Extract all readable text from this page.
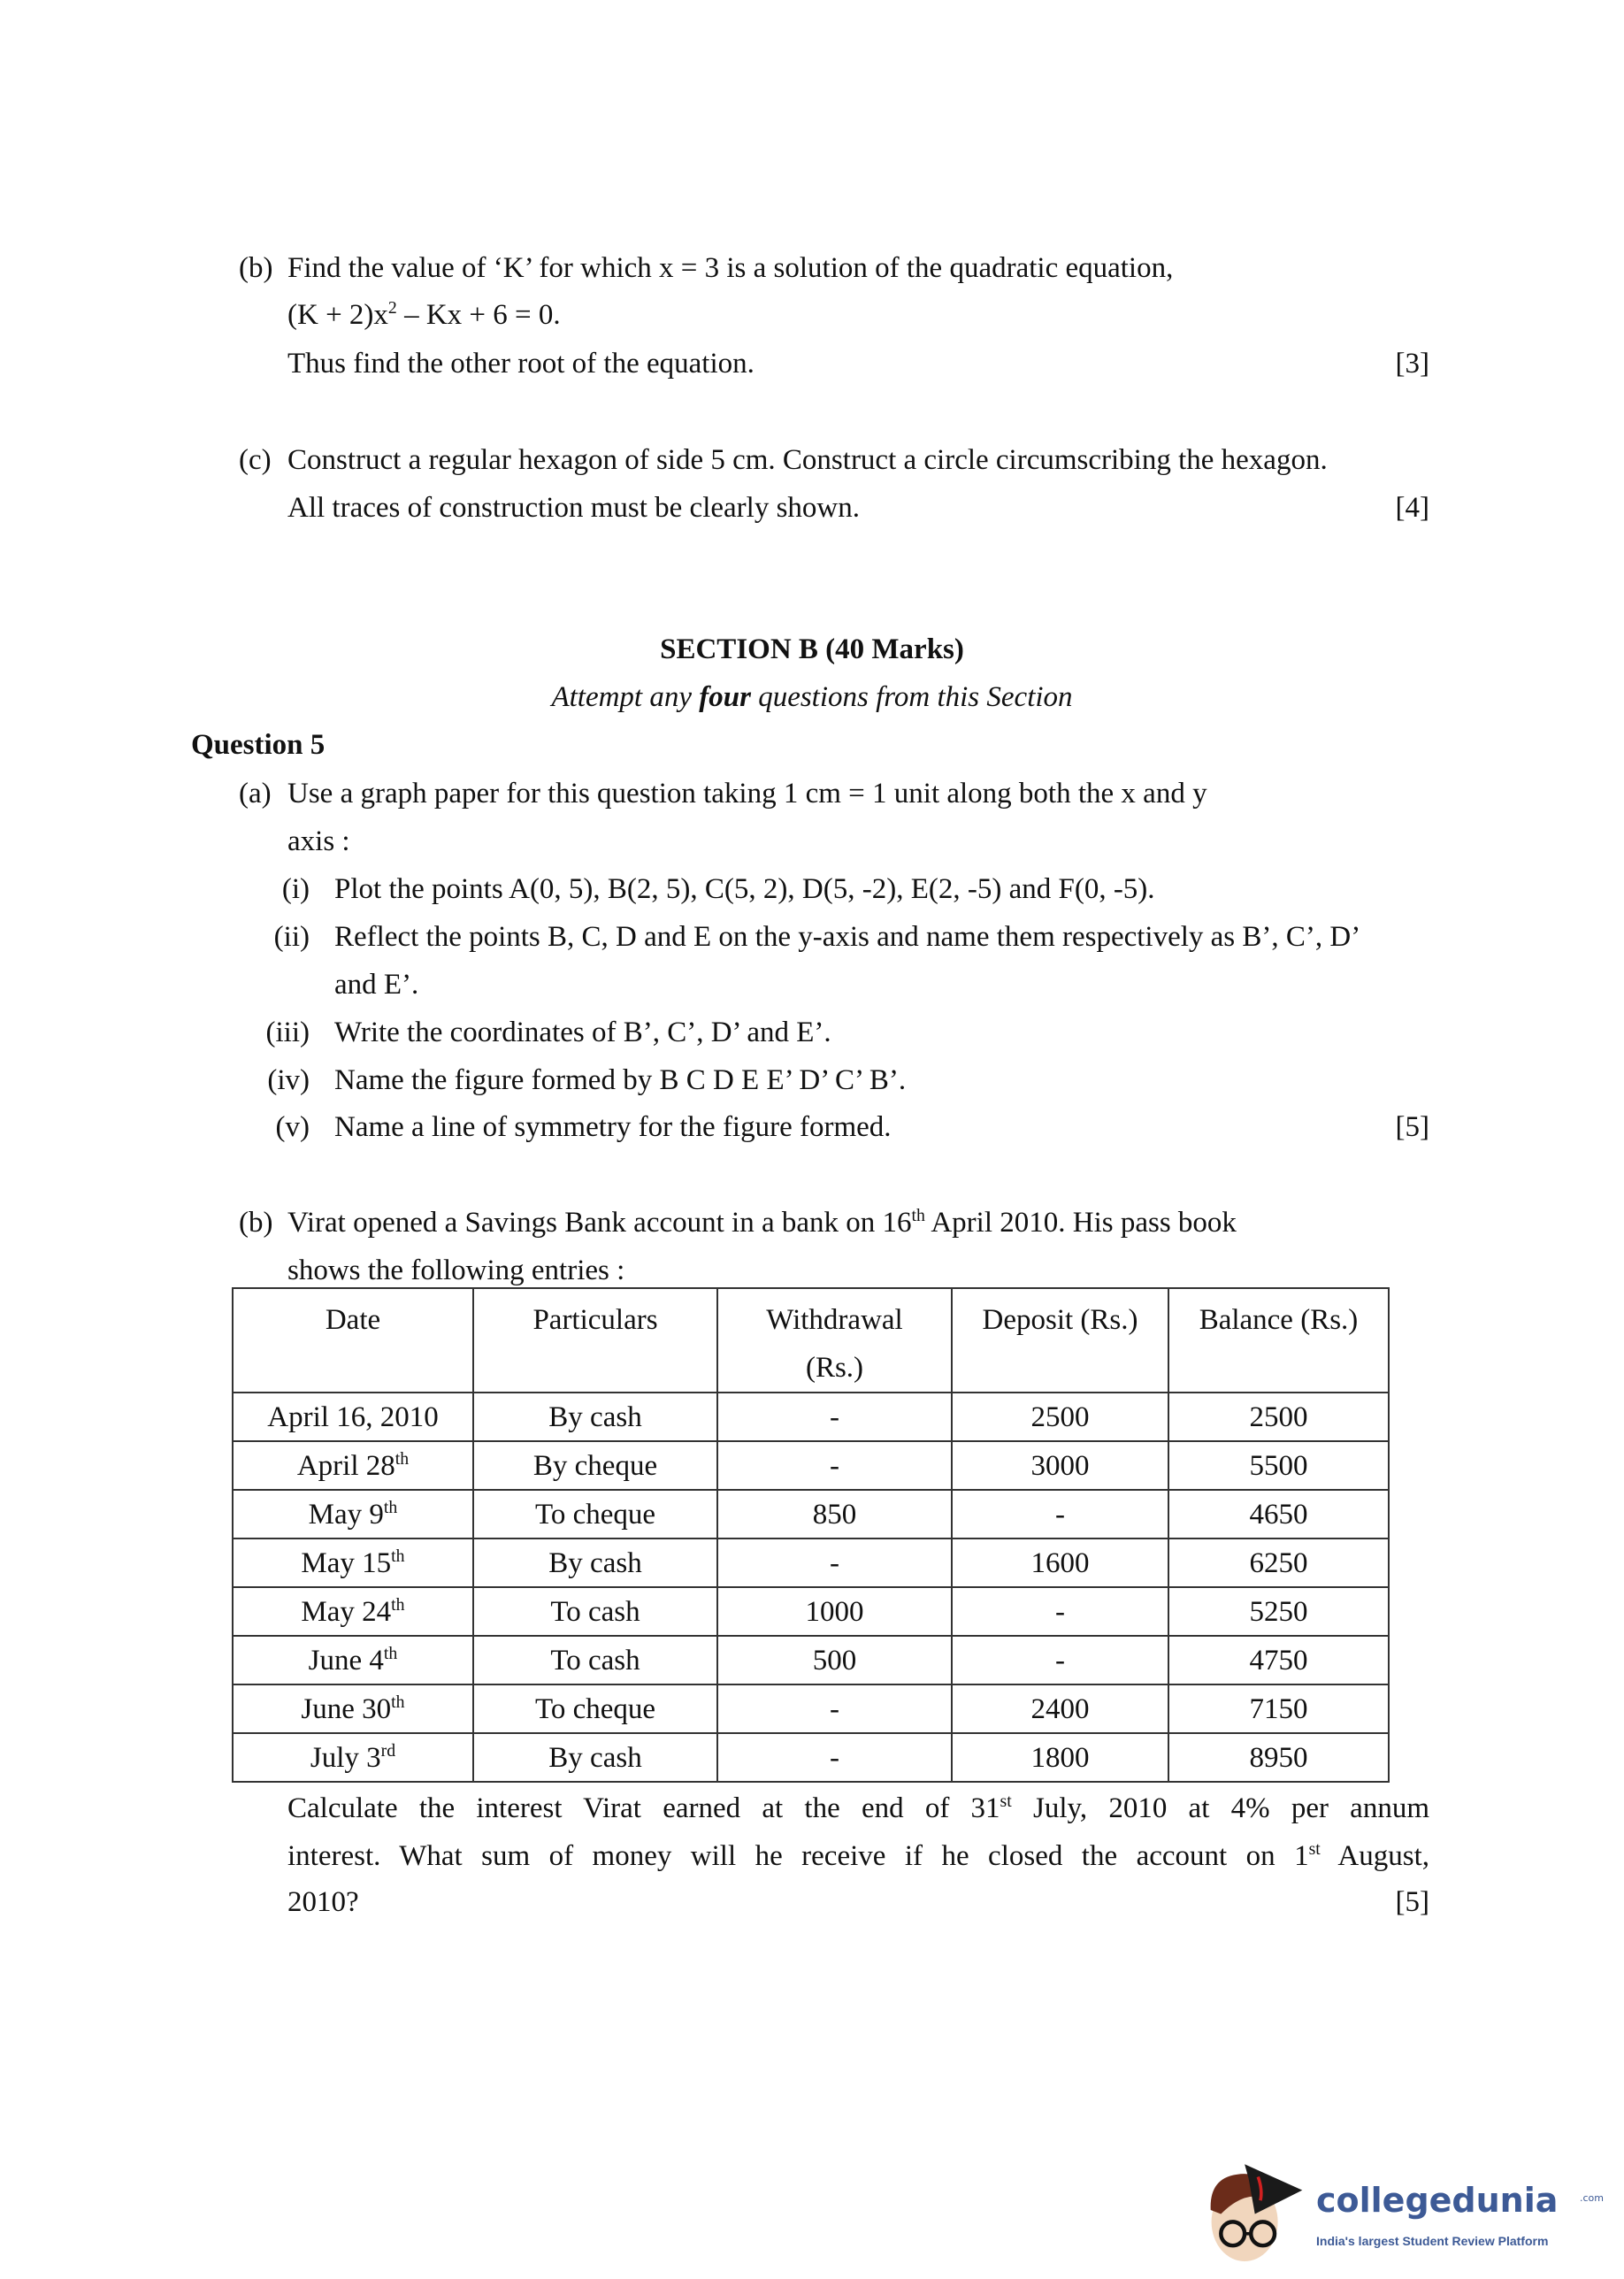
(b) Find the value of ‘K’ for which x = 3 is a solution of the quadratic equation,
$(K + 2)x^2 - Kx + 6 = 0$.
Thus find the other root of the equation.	[3]
(c) Construct a regular hexagon of side 5 cm. Construct a circle circumscribing the hexagon.
All traces of construction must be clearly shown.	[4]
SECTION B (40 Marks)
Attempt any four questions from this Section
Question 5
(a) Use a graph paper for this question taking 1 cm = 1 unit along both the x and y
axis :
(i) Plot the points A(0, 5), B(2, 5), C(5, 2), D(5, -2), E(2, -5) and F(0, -5).
(ii) Reflect the points B, C, D and E on the y-axis and name them respectively as B’, C’, D’
and E’.
(iii) Write the coordinates of B’, C’, D’ and E’.
(iv) Name the figure formed by B C D E E’ D’ C’ B’.
(v) Name a line of symmetry for the figure formed.	[5]
(b) Virat opened a Savings Bank account in a bank on 16th April 2010. His pass book
shows the following entries :
Date	Particulars	Withdrawal (Rs.)	Deposit (Rs.)	Balance (Rs.)
April 16, 2010	By cash	-	2500	2500
April 28th	By cheque	-	3000	5500
May 9th	To cheque	850	-	4650
May 15th	By cash	-	1600	6250
May 24th	To cash	1000	-	5250
June 4th	To cash	500	-	4750
June 30th	To cheque	-	2400	7150
July 3rd	By cash	-	1800	8950
Calculate the interest Virat earned at the end of 31st July, 2010 at 4% per annum
interest. What sum of money will he receive if he closed the account on 1st August,
2010?	[5]
collegedunia .com
India's largest Student Review Platform
